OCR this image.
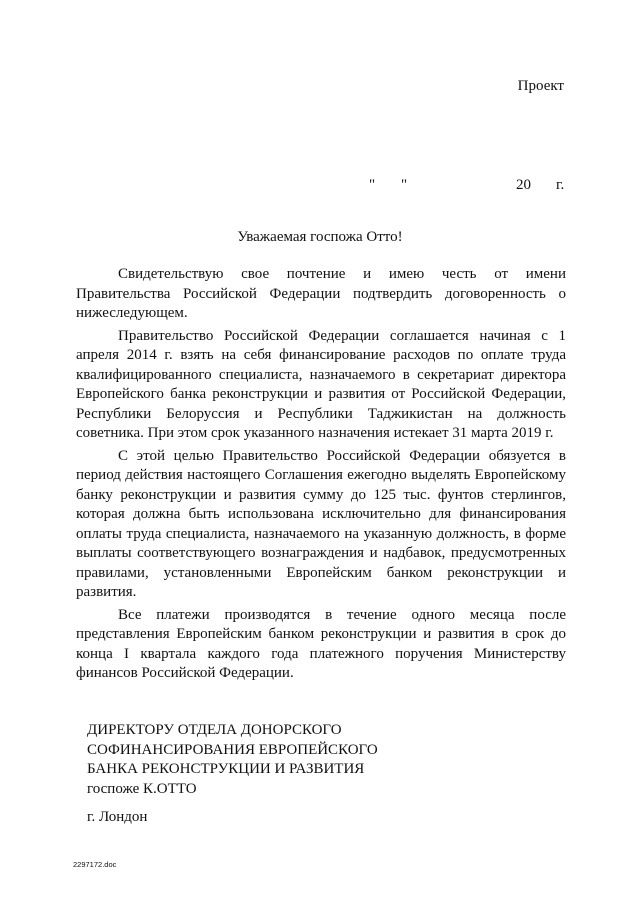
Проект
" "	20 г.
Уважаемая госпожа Отто!

Свидетельствую свое почтение и имею честь от имени Правительства Российской Федерации подтвердить договоренность о нижеследующем.

Правительство Российской Федерации соглашается начиная с 1 апреля 2014 г. взять на себя финансирование расходов по оплате труда квалифицированного специалиста, назначаемого в секретариат директора Европейского банка реконструкции и развития от Российской Федерации, Республики Белоруссия и Республики Таджикистан на должность советника. При этом срок указанного назначения истекает 31 марта 2019 г.

С этой целью Правительство Российской Федерации обязуется в период действия настоящего Соглашения ежегодно выделять Европейскому банку реконструкции и развития сумму до 125 тыс. фунтов стерлингов, которая должна быть использована исключительно для финансирования оплаты труда специалиста, назначаемого на указанную должность, в форме выплаты соответствующего вознаграждения и надбавок, предусмотренных правилами, установленными Европейским банком реконструкции и развития.

Все платежи производятся в течение одного месяца после представления Европейским банком реконструкции и развития в срок до конца I квартала каждого года платежного поручения Министерству финансов Российской Федерации.

ДИРЕКТОРУ ОТДЕЛА ДОНОРСКОГО
СОФИНАНСИРОВАНИЯ ЕВРОПЕЙСКОГО
БАНКА РЕКОНСТРУКЦИИ И РАЗВИТИЯ
госпоже К.ОТТО
г. Лондон
2297172.doc
